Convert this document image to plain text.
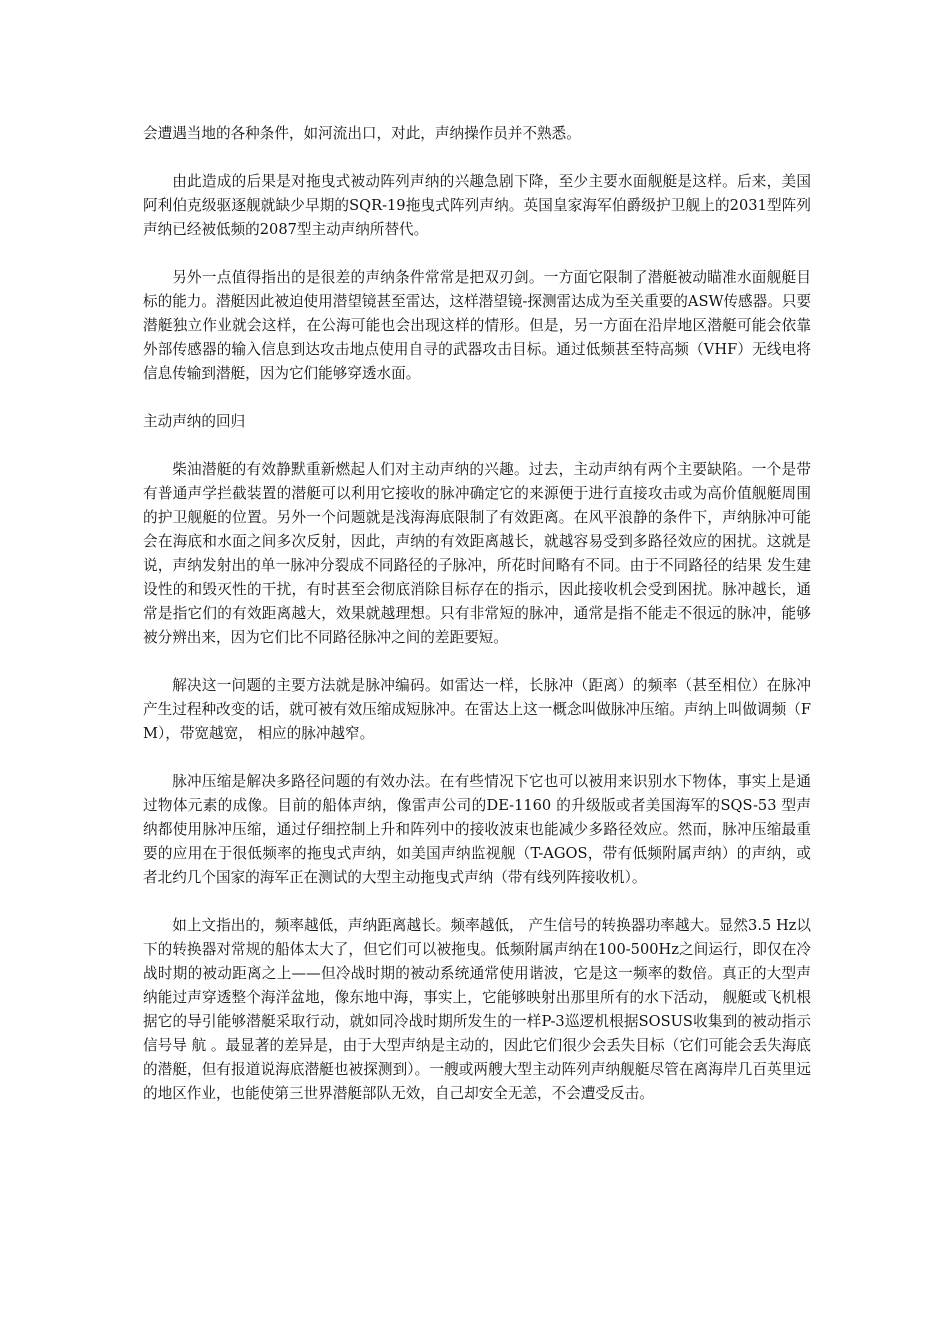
会遭遇当地的各种条件，如河流出口，对此，声纳操作员并不熟悉。

由此造成的后果是对拖曳式被动阵列声纳的兴趣急剧下降，至少主要水面舰艇是这样。后来，美国阿利伯克级驱逐舰就缺少早期的SQR-19拖曳式阵列声纳。英国皇家海军伯爵级护卫舰上的2031型阵列声纳已经被低频的2087型主动声纳所替代。

另外一点值得指出的是很差的声纳条件常常是把双刃剑。一方面它限制了潜艇被动瞄准水面舰艇目标的能力。潜艇因此被迫使用潜望镜甚至雷达，这样潜望镜-探测雷达成为至关重要的ASW传感器。只要潜艇独立作业就会这样，在公海可能也会出现这样的情形。但是，另一方面在沿岸地区潜艇可能会依靠外部传感器的输入信息到达攻击地点使用自寻的武器攻击目标。通过低频甚至特高频（VHF）无线电将 信息传输到潜艇，因为它们能够穿透水面。

主动声纳的回归

柴油潜艇的有效静默重新燃起人们对主动声纳的兴趣。过去，主动声纳有两个主要缺陷。一个是带有普通声学拦截装置的潜艇可以利用它接收的脉冲确定它的来源便于进行直接攻击或为高价值舰艇周围的护卫舰艇的位置。另外一个问题就是浅海海底限制了有效距离。在风平浪静的条件下，声纳脉冲可能会在海底和水面之间多次反射，因此，声纳的有效距离越长，就越容易受到多路径效应的困扰。这就是说，声纳发射出的单一脉冲分裂成不同路径的子脉冲，所花时间略有不同。由于不同路径的结果 发生建设性的和毁灭性的干扰，有时甚至会彻底消除目标存在的指示，因此接收机会受到困扰。脉冲越长，通常是指它们的有效距离越大，效果就越理想。只有非常短的脉冲，通常是指不能走不很远的脉冲，能够被分辨出来，因为它们比不同路径脉冲之间的差距要短。

解决这一问题的主要方法就是脉冲编码。如雷达一样，长脉冲（距离）的频率（甚至相位）在脉冲产生过程种改变的话，就可被有效压缩成短脉冲。在雷达上这一概念叫做脉冲压缩。声纳上叫做调频（FM），带宽越宽， 相应的脉冲越窄。

脉冲压缩是解决多路径问题的有效办法。在有些情况下它也可以被用来识别水下物体，事实上是通过物体元素的成像。目前的船体声纳，像雷声公司的DE-1160 的升级版或者美国海军的SQS-53 型声纳都使用脉冲压缩，通过仔细控制上升和阵列中的接收波束也能减少多路径效应。然而，脉冲压缩最重要的应用在于很低频率的拖曳式声纳，如美国声纳监视舰（T-AGOS，带有低频附属声纳）的声纳，或者北约几个国家的海军正在测试的大型主动拖曳式声纳（带有线列阵接收机）。

如上文指出的，频率越低，声纳距离越长。频率越低， 产生信号的转换器功率越大。显然3.5 Hz以下的转换器对常规的船体太大了，但它们可以被拖曳。低频附属声纳在100-500Hz之间运行，即仅在冷战时期的被动距离之上——但冷战时期的被动系统通常使用谐波，它是这一频率的数倍。真正的大型声纳能过声穿透整个海洋盆地，像东地中海，事实上，它能够映射出那里所有的水下活动， 舰艇或飞机根据它的导引能够潜艇采取行动，就如同冷战时期所发生的一样P-3巡逻机根据SOSUS收集到的被动指示信号导 航 。最显著的差异是，由于大型声纳是主动的，因此它们很少会丢失目标（它们可能会丢失海底的潜艇，但有报道说海底潜艇也被探测到）。一艘或两艘大型主动阵列声纳舰艇尽管在离海岸几百英里远的地区作业，也能使第三世界潜艇部队无效，自己却安全无恙，不会遭受反击。
